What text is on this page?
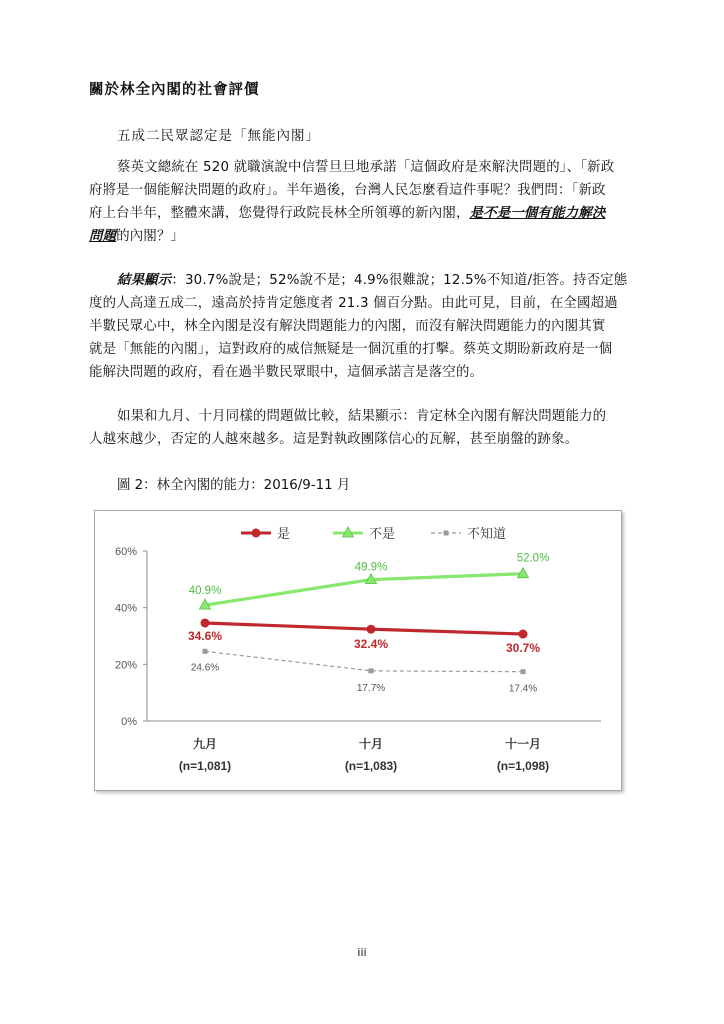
關於林全內閣的社會評價
五成二民眾認定是「無能內閣」
蔡英文總統在 520 就職演說中信誓旦旦地承諾「這個政府是來解決問題的」、「新政
府將是一個能解決問題的政府」。半年過後，台灣人民怎麼看這件事呢？我們問：「新政
府上台半年，整體來講，您覺得行政院長林全所領導的新內閣，是不是一個有能力解決
問題的內閣？」
結果顯示：30.7%說是；52%說不是；4.9%很難說；12.5%不知道/拒答。持否定態
度的人高達五成二，遠高於持肯定態度者 21.3 個百分點。由此可見，目前，在全國超過
半數民眾心中，林全內閣是沒有解決問題能力的內閣，而沒有解決問題能力的內閣其實
就是「無能的內閣」，這對政府的威信無疑是一個沉重的打擊。蔡英文期盼新政府是一個
能解決問題的政府，看在過半數民眾眼中，這個承諾言是落空的。
如果和九月、十月同樣的問題做比較，結果顯示：肯定林全內閣有解決問題能力的
人越來越少，否定的人越來越多。這是對執政團隊信心的瓦解，甚至崩盤的跡象。
圖 2：林全內閣的能力：2016/9-11 月
60%
40%
20%
0%
九月
(n=1,081)
十月
(n=1,083)
十一月
(n=1,098)
24.6%
17.7%	17.4%
34.6%
32.4%	30.7%
40.9%
49.9%
52.0%
是	不是	不知道
iii
